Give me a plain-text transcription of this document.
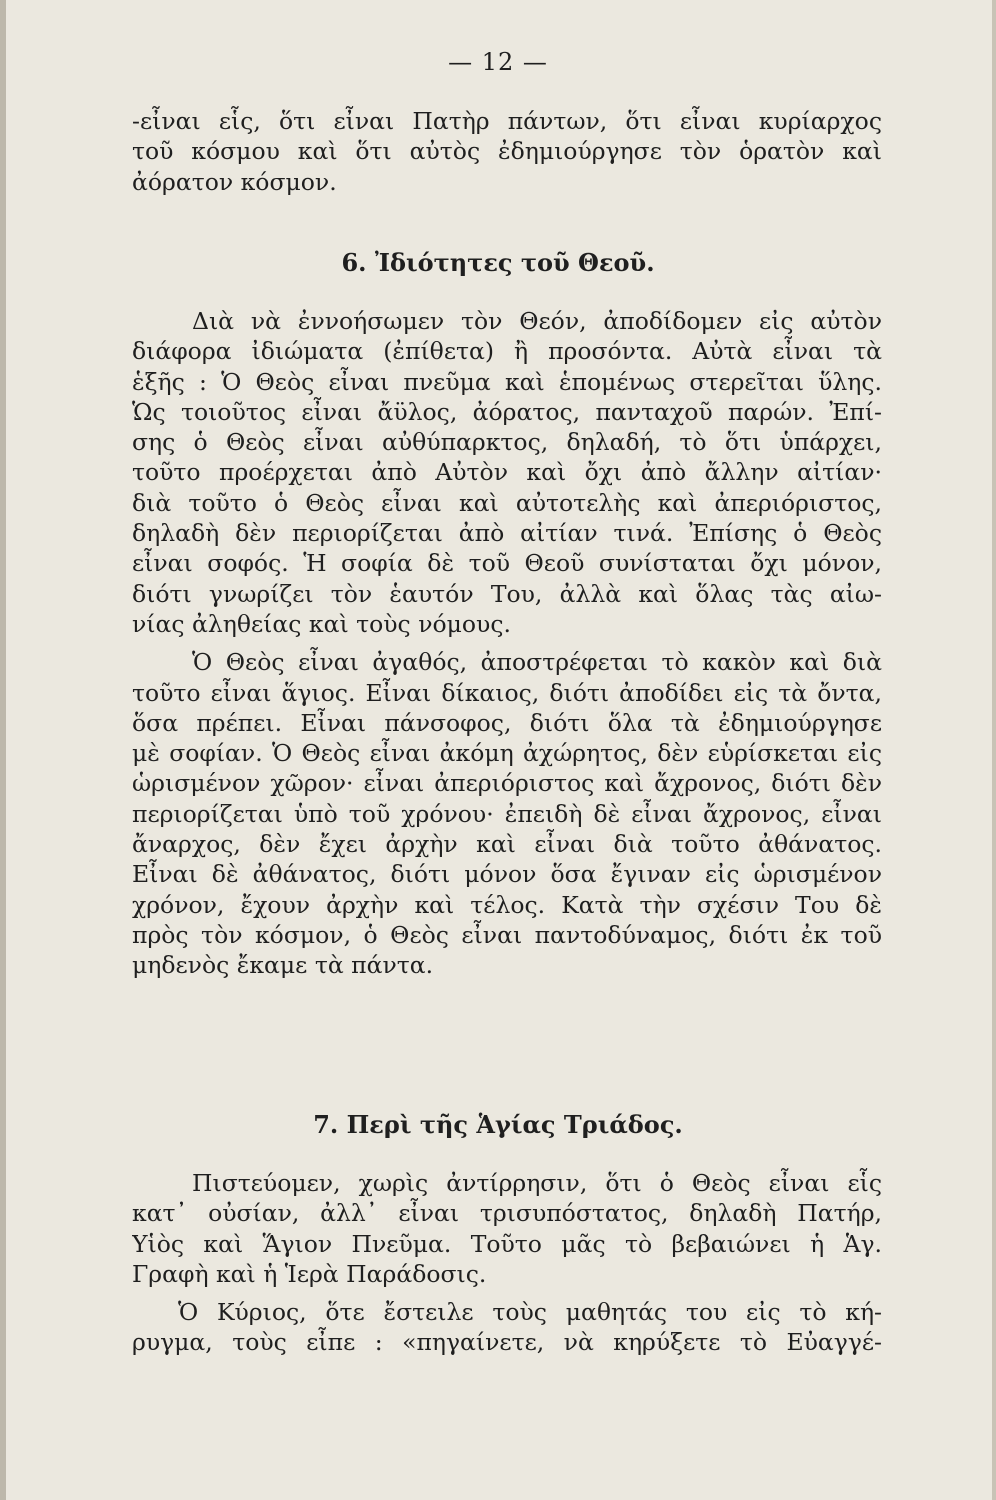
— 12 —
-εἶναι εἷς, ὅτι εἶναι Πατὴρ πάντων, ὅτι εἶναι κυρίαρχος
τοῦ κόσμου καὶ ὅτι αὐτὸς ἐδημιούργησε τὸν ὁρατὸν καὶ
ἀόρατον κόσμον.
6. Ἰδιότητες τοῦ Θεοῦ.
Διὰ νὰ ἐννοήσωμεν τὸν Θεόν, ἀποδίδομεν εἰς αὐτὸν
διάφορα ἰδιώματα (ἐπίθετα) ἢ προσόντα. Αὐτὰ εἶναι τὰ
ἑξῆς : Ὁ Θεὸς εἶναι πνεῦμα καὶ ἑπομένως στερεῖται ὕλης.
Ὡς τοιοῦτος εἶναι ἄϋλος, ἀόρατος, πανταχοῦ παρών. Ἐπί-
σης ὁ Θεὸς εἶναι αὐθύπαρκτος, δηλαδή, τὸ ὅτι ὑπάρχει,
τοῦτο προέρχεται ἀπὸ Αὐτὸν καὶ ὄχι ἀπὸ ἄλλην αἰτίαν·
διὰ τοῦτο ὁ Θεὸς εἶναι καὶ αὐτοτελὴς καὶ ἀπεριόριστος,
δηλαδὴ δὲν περιορίζεται ἀπὸ αἰτίαν τινά. Ἐπίσης ὁ Θεὸς
εἶναι σοφός. Ἡ σοφία δὲ τοῦ Θεοῦ συνίσταται ὄχι μόνον,
διότι γνωρίζει τὸν ἑαυτόν Του, ἀλλὰ καὶ ὅλας τὰς αἰω-
νίας ἀληθείας καὶ τοὺς νόμους.
Ὁ Θεὸς εἶναι ἀγαθός, ἀποστρέφεται τὸ κακὸν καὶ διὰ
τοῦτο εἶναι ἅγιος. Εἶναι δίκαιος, διότι ἀποδίδει εἰς τὰ ὄντα,
ὅσα πρέπει. Εἶναι πάνσοφος, διότι ὅλα τὰ ἐδημιούργησε
μὲ σοφίαν. Ὁ Θεὸς εἶναι ἀκόμη ἀχώρητος, δὲν εὑρίσκεται εἰς
ὡρισμένον χῶρον· εἶναι ἀπεριόριστος καὶ ἄχρονος, διότι δὲν
περιορίζεται ὑπὸ τοῦ χρόνου· ἐπειδὴ δὲ εἶναι ἄχρονος, εἶναι
ἄναρχος, δὲν ἔχει ἀρχὴν καὶ εἶναι διὰ τοῦτο ἀθάνατος.
Εἶναι δὲ ἀθάνατος, διότι μόνον ὅσα ἔγιναν εἰς ὡρισμένον
χρόνον, ἔχουν ἀρχὴν καὶ τέλος. Κατὰ τὴν σχέσιν Του δὲ
πρὸς τὸν κόσμον, ὁ Θεὸς εἶναι παντοδύναμος, διότι ἐκ τοῦ
μηδενὸς ἔκαμε τὰ πάντα.
7. Περὶ τῆς Ἁγίας Τριάδος.
Πιστεύομεν, χωρὶς ἀντίρρησιν, ὅτι ὁ Θεὸς εἶναι εἷς
κατ᾽ οὐσίαν, ἀλλ᾽ εἶναι τρισυπόστατος, δηλαδὴ Πατήρ,
Υἱὸς καὶ Ἅγιον Πνεῦμα. Τοῦτο μᾶς τὸ βεβαιώνει ἡ Ἁγ.
Γραφὴ καὶ ἡ Ἱερὰ Παράδοσις.
Ὁ Κύριος, ὅτε ἔστειλε τοὺς μαθητάς του εἰς τὸ κή-
ρυγμα, τοὺς εἶπε : «πηγαίνετε, νὰ κηρύξετε τὸ Εὐαγγέ-
